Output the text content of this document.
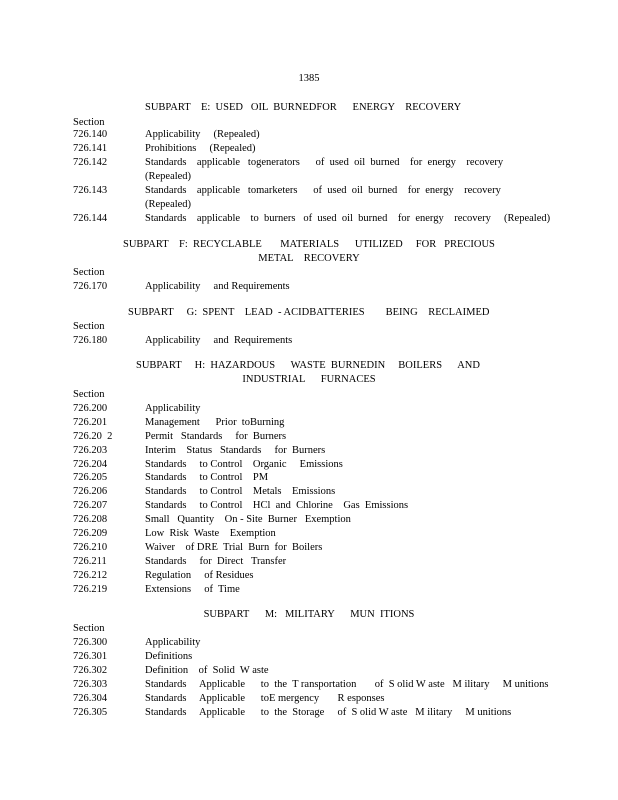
1385
SUBPART    E:  USED   OIL  BURNEDFOR      ENERGY    RECOVERY
Section
726.140	Applicability     (Repealed)
726.141	Prohibitions     (Repealed)
726.142	Standards    applicable   togenerators      of  used  oil  burned    for  energy    recovery
(Repealed)
726.143	Standards    applicable   tomarketers      of  used  oil  burned    for  energy    recovery
(Repealed)
726.144	Standards    applicable    to  burners   of  used  oil  burned    for  energy    recovery     (Repealed)
SUBPART    F:  RECYCLABLE       MATERIALS      UTILIZED     FOR   PRECIOUS
METAL    RECOVERY
Section
726.170	Applicability     and Requirements
SUBPART     G:  SPENT    LEAD  - ACIDBATTERIES        BEING    RECLAIMED
Section
726.180	Applicability     and  Requirements
SUBPART     H:  HAZARDOUS      WASTE  BURNEDIN     BOILERS      AND
INDUSTRIAL      FURNACES
Section
726.200	Applicability
726.201	Management      Prior  toBurning
726.20  2	Permit   Standards     for  Burners
726.203	Interim    Status   Standards     for  Burners
726.204	Standards     to Control    Organic     Emissions
726.205	Standards     to Control    PM
726.206	Standards     to Control    Metals    Emissions
726.207	Standards     to Control    HCl  and  Chlorine    Gas  Emissions
726.208	Small   Quantity    On - Site  Burner   Exemption
726.209	Low  Risk  Waste    Exemption
726.210	Waiver    of DRE  Trial  Burn  for  Boilers
726.211	Standards     for  Direct   Transfer
726.212	Regulation     of Residues
726.219	Extensions     of  Time
SUBPART      M:   MILITARY      MUN  ITIONS
Section
726.300	Applicability
726.301	Definitions
726.302	Definition    of  Solid  W aste
726.303	Standards     Applicable      to  the  T ransportation       of  S olid W aste   M ilitary     M unitions
726.304	Standards     Applicable      toE mergency       R esponses
726.305	Standards     Applicable      to  the  Storage     of  S olid W aste   M ilitary     M unitions
